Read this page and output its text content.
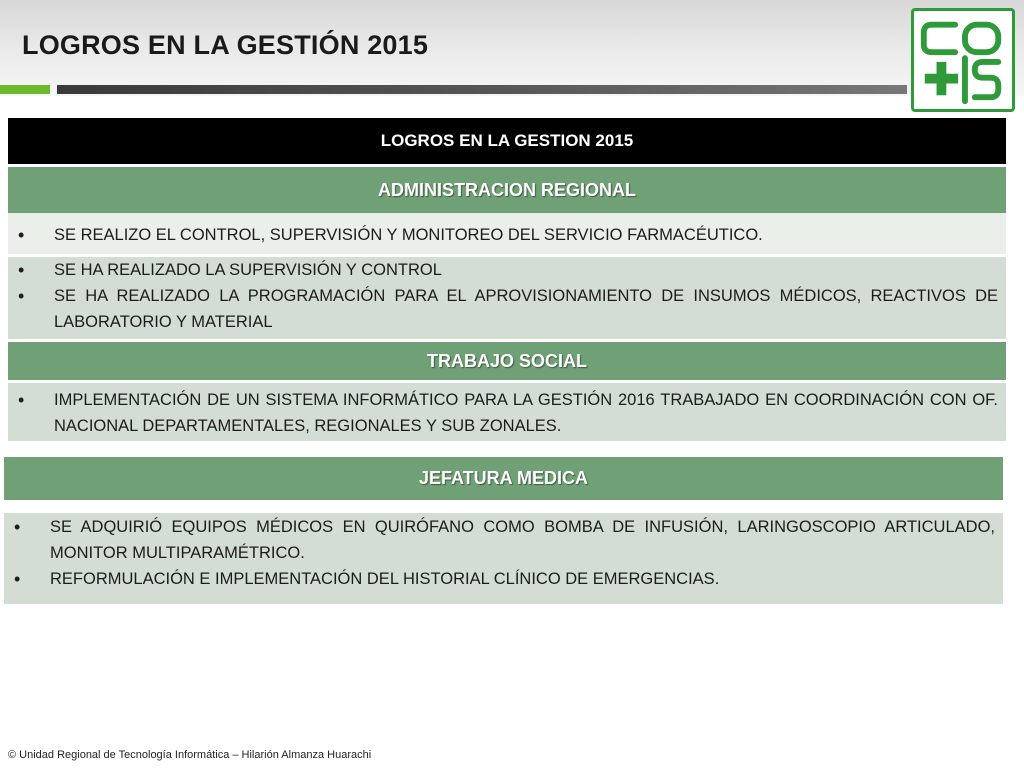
LOGROS EN LA GESTIÓN 2015
LOGROS EN LA GESTION 2015
ADMINISTRACION REGIONAL
• SE REALIZO EL CONTROL, SUPERVISIÓN Y MONITOREO DEL SERVICIO FARMACÉUTICO.
• SE HA REALIZADO LA SUPERVISIÓN Y CONTROL
• SE HA REALIZADO LA PROGRAMACIÓN PARA EL APROVISIONAMIENTO DE INSUMOS MÉDICOS, REACTIVOS DE LABORATORIO Y MATERIAL
TRABAJO SOCIAL
• IMPLEMENTACIÓN DE UN SISTEMA INFORMÁTICO PARA LA GESTIÓN 2016 TRABAJADO EN COORDINACIÓN CON OF. NACIONAL DEPARTAMENTALES, REGIONALES Y SUB ZONALES.
JEFATURA MEDICA
• SE ADQUIRIÓ EQUIPOS MÉDICOS EN QUIRÓFANO COMO BOMBA DE INFUSIÓN, LARINGOSCOPIO ARTICULADO, MONITOR MULTIPARAMÉTRICO.
• REFORMULACIÓN E IMPLEMENTACIÓN DEL HISTORIAL CLÍNICO DE EMERGENCIAS.

© Unidad Regional de Tecnología Informática – Hilarión Almanza Huarachi
